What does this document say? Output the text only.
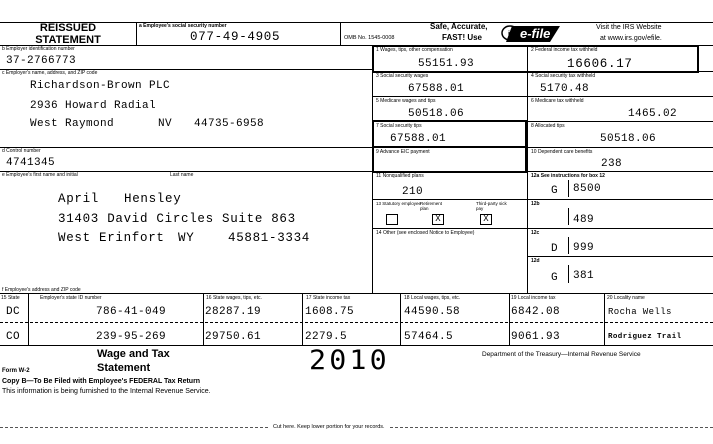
REISSUED
STATEMENT
a Employee's social security number
077-49-4905	OMB No. 1545-0008
Safe, Accurate,
FAST! Use	irs e-file	Visit the IRS Website
at www.irs.gov/efile.
b Employer identification number
37-2766773
c Employer's name, address, and ZIP code
Richardson-Brown PLC
2936 Howard Radial
West Raymond	NV 44735-6958
d Control number
4741345
e Employee's first name and initial	Last name
April Hensley
31403 David Circles Suite 863
West Erinfort WY	45881-3334
f Employee's address and ZIP code
1 Wages, tips, other compensation
55151.93
2 Federal income tax withheld
16606.17
3 Social security wages
67588.01
4 Social security tax withheld
5170.48
5 Medicare wages and tips
50518.06
6 Medicare tax withheld
1465.02
7 Social security tips
67588.01
8 Allocated tips
50518.06
9 Advance EIC payment	10 Dependent care benefits
238
11 Nonqualified plans
210
12a See instructions for box 12
G 8500
13 Statutory employee
Retirement plan
Third-party sick pay
X	X
12b
489
14 Other (see enclosed Notice to Employee)	12c
D 999
12d
G 381
15 State	Employer's state ID number	16 State wages, tips, etc.	17 State income tax	18 Local wages, tips, etc.	19 Local income tax	20 Locality name
DC	786-41-049	28287.19	1608.75	44590.58	6842.08	Rocha Wells
CO	239-95-269	29750.61	2279.5	57464.5	9061.93	Rodriguez Trail
Form W-2
Wage and Tax
Statement	2010	Department of the Treasury—Internal Revenue Service
Copy B—To Be Filed with Employee's FEDERAL Tax Return
This information is being furnished to the Internal Revenue Service.
Cut here. Keep lower portion for your records.
